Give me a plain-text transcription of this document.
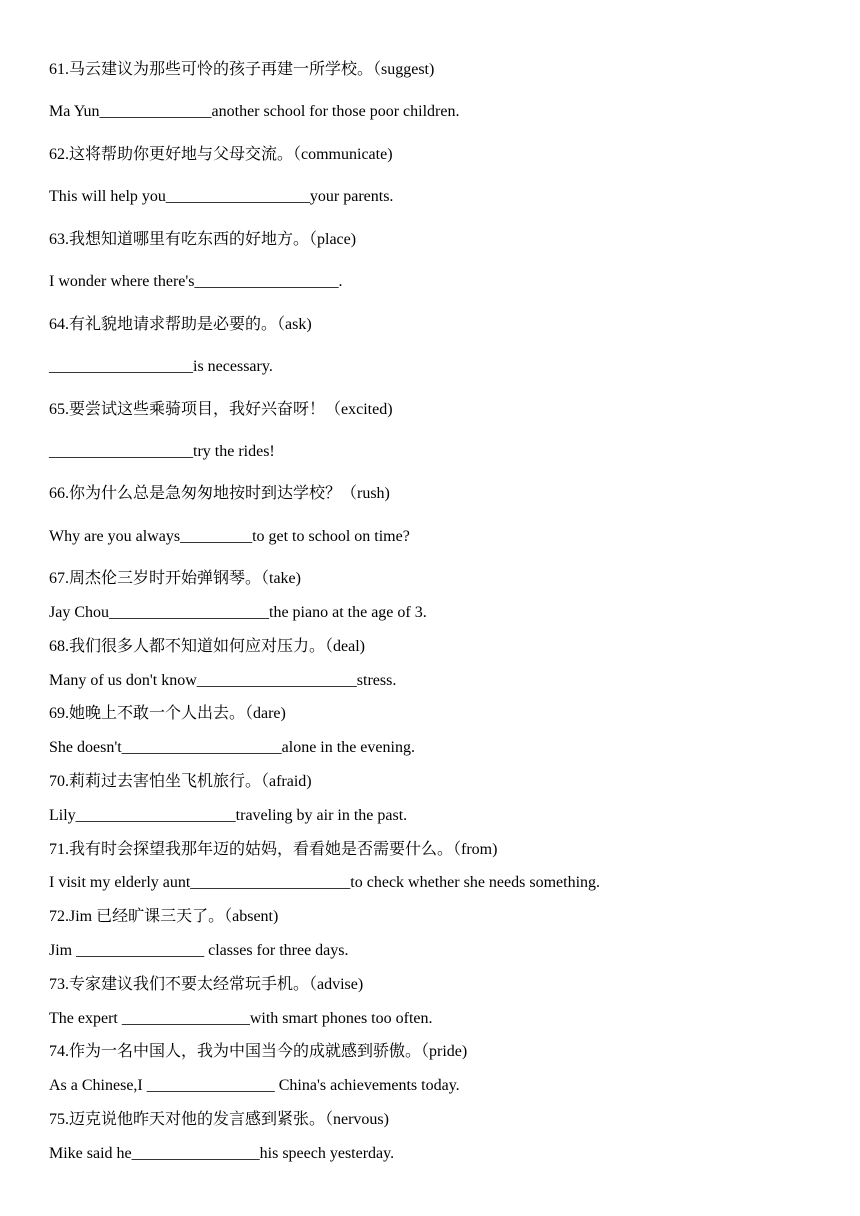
61.马云建议为那些可怜的孩子再建一所学校。（suggest)
Ma Yun______________another school for those poor children.
62.这将帮助你更好地与父母交流。（communicate)
This will help you__________________your parents.
63.我想知道哪里有吃东西的好地方。（place)
I wonder where there's__________________.
64.有礼貌地请求帮助是必要的。（ask)
__________________is necessary.
65.要尝试这些乘骑项目，我好兴奋呀！（excited)
__________________try the rides!
66.你为什么总是急匆匆地按时到达学校？（rush)
Why are you always_________to get to school on time?
67.周杰伦三岁时开始弹钢琴。（take)
Jay Chou____________________the piano at the age of 3.
68.我们很多人都不知道如何应对压力。（deal)
Many of us don't know____________________stress.
69.她晚上不敢一个人出去。（dare)
She doesn't____________________alone in the evening.
70.莉莉过去害怕坐飞机旅行。（afraid)
Lily____________________traveling by air in the past.
71.我有时会探望我那年迈的姑妈，看看她是否需要什么。（from)
I visit my elderly aunt____________________to check whether she needs something.
72.Jim 已经旷课三天了。（absent)
Jim ________________ classes for three days.
73.专家建议我们不要太经常玩手机。（advise)
The expert ________________with smart phones too often.
74.作为一名中国人，我为中国当今的成就感到骄傲。（pride)
As a Chinese,I ________________ China's achievements today.
75.迈克说他昨天对他的发言感到紧张。（nervous)
Mike said he________________his speech yesterday.
